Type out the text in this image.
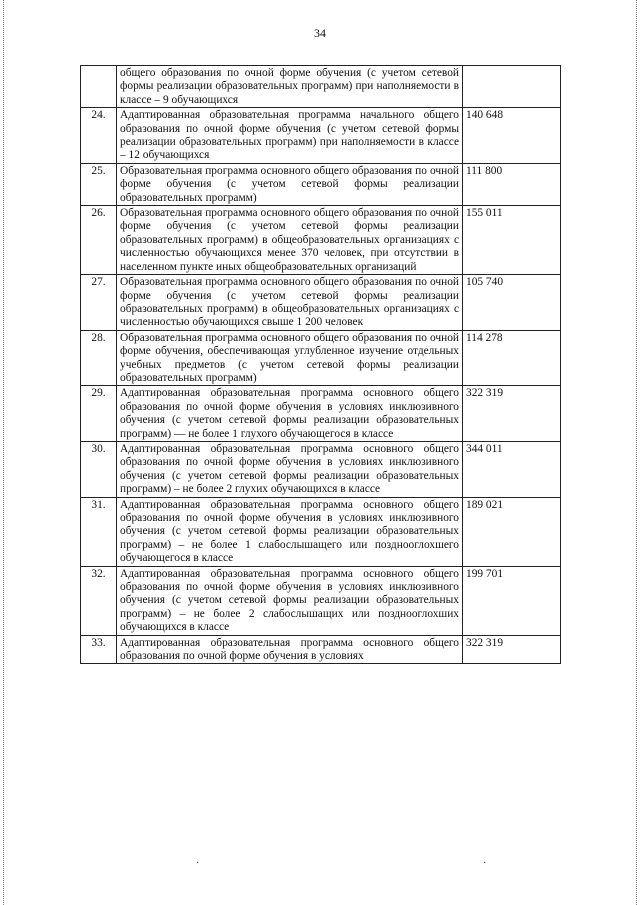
34
	общего образования по очной форме обучения (с учетом сетевой формы реализации образовательных программ) при наполняемости в классе – 9 обучающихся	
24.	Адаптированная образовательная программа начального общего образования по очной форме обучения (с учетом сетевой формы реализации образовательных программ) при наполняемости в классе – 12 обучающихся	140 648
25.	Образовательная программа основного общего образования по очной форме обучения (с учетом сетевой формы реализации образовательных программ)	111 800
26.	Образовательная программа основного общего образования по очной форме обучения (с учетом сетевой формы реализации образовательных программ) в общеобразовательных организациях с численностью обучающихся менее 370 человек, при отсутствии в населенном пункте иных общеобразовательных организаций	155 011
27.	Образовательная программа основного общего образования по очной форме обучения (с учетом сетевой формы реализации образовательных программ) в общеобразовательных организациях с численностью обучающихся свыше 1 200 человек	105 740
28.	Образовательная программа основного общего образования по очной форме обучения, обеспечивающая углубленное изучение отдельных учебных предметов (с учетом сетевой формы реализации образовательных программ)	114 278
29.	Адаптированная образовательная программа основного общего образования по очной форме обучения в условиях инклюзивного обучения (с учетом сетевой формы реализации образовательных программ) — не более 1 глухого обучающегося в классе	322 319
30.	Адаптированная образовательная программа основного общего образования по очной форме обучения в условиях инклюзивного обучения (с учетом сетевой формы реализации образовательных программ) – не более 2 глухих обучающихся в классе	344 011
31.	Адаптированная образовательная программа основного общего образования по очной форме обучения в условиях инклюзивного обучения (с учетом сетевой формы реализации образовательных программ) – не более 1 слабослышащего или позднооглохшего обучающегося в классе	189 021
32.	Адаптированная образовательная программа основного общего образования по очной форме обучения в условиях инклюзивного обучения (с учетом сетевой формы реализации образовательных программ) – не более 2 слабослышащих или позднооглохших обучающихся в классе	199 701
33.	Адаптированная образовательная программа основного общего образования по очной форме обучения в условиях	322 319
·	·
